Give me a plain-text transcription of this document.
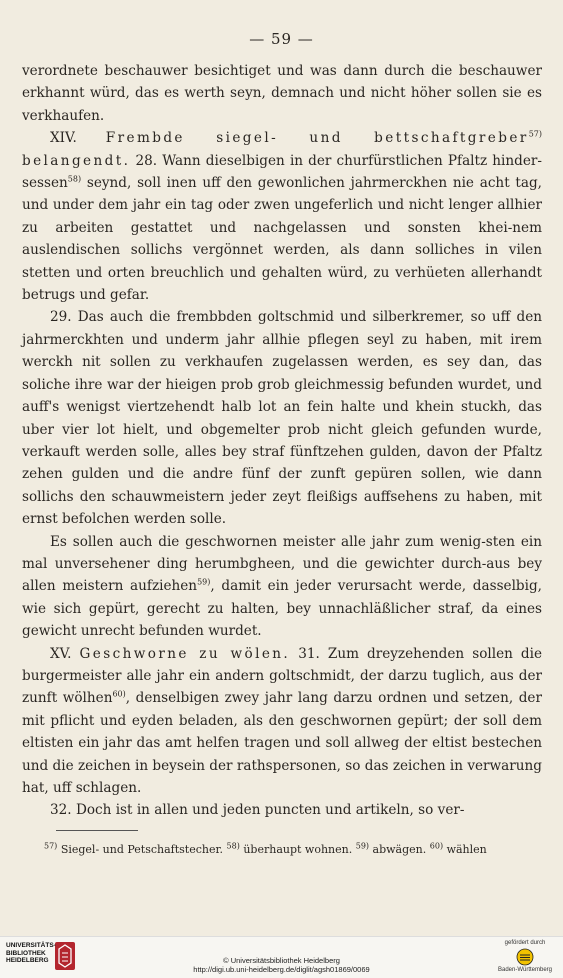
— 59 —

verordnete beschauwer besichtiget und was dann durch die beschauwer erkhannt würd, das es werth seyn, demnach und nicht höher sollen sie es verkhaufen.

XIV. Frembde siegel- und bettschaftgreber$^{57)}$ belangendt. 28. Wann dieselbigen in der churfürstlichen Pfaltz hinder-sessen$^{58)}$ seynd, soll inen uff den gewonlichen jahrmerckhen nie acht tag, und under dem jahr ein tag oder zwen ungeferlich und nicht lenger allhier zu arbeiten gestattet und nachgelassen und sonsten khei-nem auslendischen sollichs vergönnet werden, als dann solliches in vilen stetten und orten breuchlich und gehalten würd, zu verhüeten allerhandt betrugs und gefar.

29. Das auch die frembbden goltschmid und silberkremer, so uff den jahrmerckhten und underm jahr allhie pflegen seyl zu haben, mit irem werckh nit sollen zu verkhaufen zugelassen werden, es sey dan, das soliche ihre war der hieigen prob grob gleichmessig befunden wurdet, und auff's wenigst viertzehendt halb lot an fein halte und khein stuckh, das uber vier lot hielt, und obgemelter prob nicht gleich gefunden wurde, verkauft werden solle, alles bey straf fünftzehen gulden, davon der Pfaltz zehen gulden und die andre fünf der zunft gepüren sollen, wie dann sollichs den schauwmeistern jeder zeyt fleißigs auffsehens zu haben, mit ernst befolchen werden solle.

Es sollen auch die geschwornen meister alle jahr zum wenig-sten ein mal unversehener ding herumbgheen, und die gewichter durch-aus bey allen meistern aufziehen$^{59)}$, damit ein jeder verursacht werde, dasselbig, wie sich gepürt, gerecht zu halten, bey unnachläßlicher straf, da eines gewicht unrecht befunden wurdet.

XV. Geschworne zu wölen. 31. Zum dreyzehenden sollen die burgermeister alle jahr ein andern goltschmidt, der darzu tuglich, aus der zunft wölhen$^{60)}$, denselbigen zwey jahr lang darzu ordnen und setzen, der mit pflicht und eyden beladen, als den geschwornen gepürt; der soll dem eltisten ein jahr das amt helfen tragen und soll allweg der eltist bestechen und die zeichen in beysein der rathspersonen, so das zeichen in verwarung hat, uff schlagen.

32. Doch ist in allen und jeden puncten und artikeln, so ver-

$^{57)}$ Siegel- und Petschaftstecher. $^{58)}$ überhaupt wohnen. $^{59)}$ abwägen. $^{60)}$ wählen
UNIVERSITÄTS-
BIBLIOTHEK
HEIDELBERG	© Universitätsbibliothek Heidelberg
http://digi.ub.uni-heidelberg.de/diglit/agsh01869/0069
gefördert durch
Baden-Württemberg
